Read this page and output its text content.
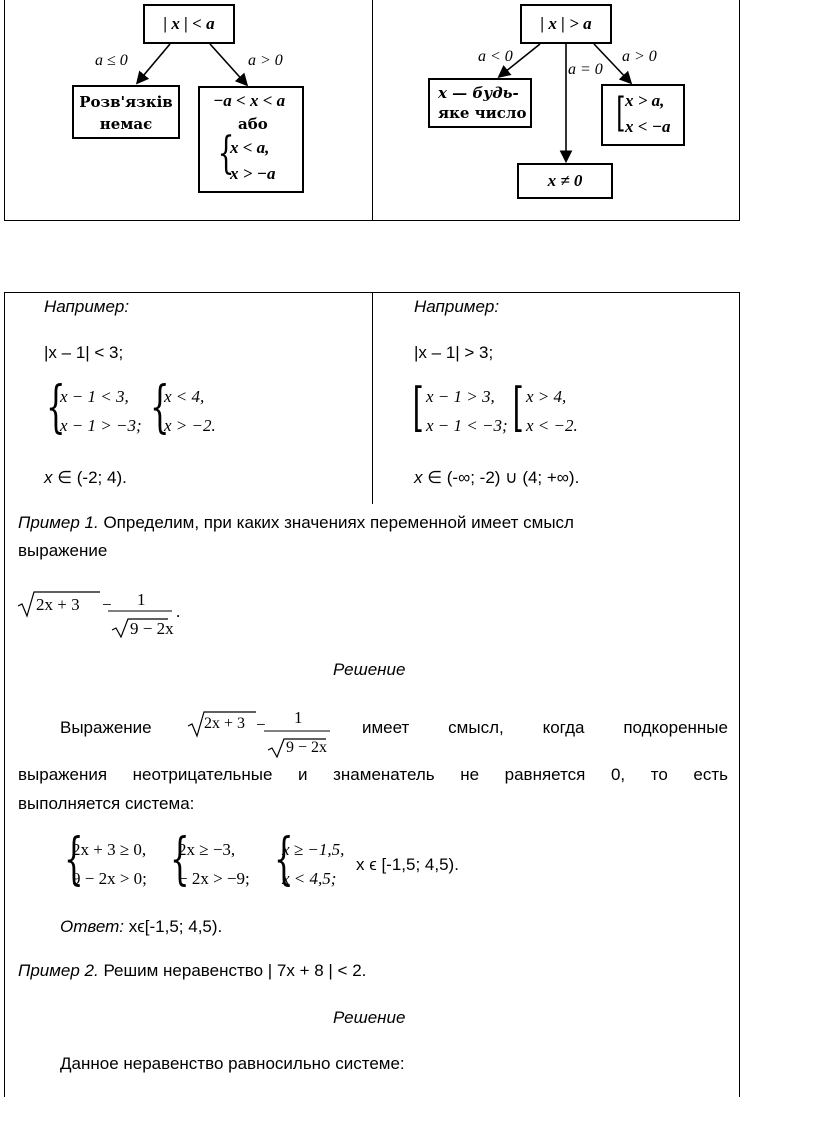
| x | < a
a ≤ 0	a > 0
Розв'язків
немає
−a < x < a
або
{
x < a,
x > −a
| x | > a
a < 0
a = 0
a > 0
x — будь-
яке число [ x > a,
x < −a
x ≠ 0
Например:
|x – 1| < 3;
{
x − 1 < 3,
x − 1 > −3; {
x < 4,
x > −2.
x ∈ (-2; 4).
Например:
|x – 1| > 3;
[ x − 1 > 3,
x − 1 < −3; [ x > 4,
x < −2.
x ∈ (-∞; -2) ∪ (4; +∞).
Пример 1. Определим, при каких значениях переменной имеет смысл
выражение
2x + 3 − 1
9 − 2x
.
Решение
Выражение	2x + 3 − 1
9 − 2x
имеет смысл, когда подкоренные
выражения неотрицательные и знаменатель не равняется 0, то есть
выполняется система:
{
2x + 3 ≥ 0,
9 − 2x > 0; {
2x ≥ −3,
− 2x > −9; {
x ≥ −1,5,
x < 4,5;
x ϵ [-1,5; 4,5).
Ответ: xϵ[-1,5; 4,5).
Пример 2. Решим неравенство | 7x + 8 | < 2.
Решение
Данное неравенство равносильно системе:
